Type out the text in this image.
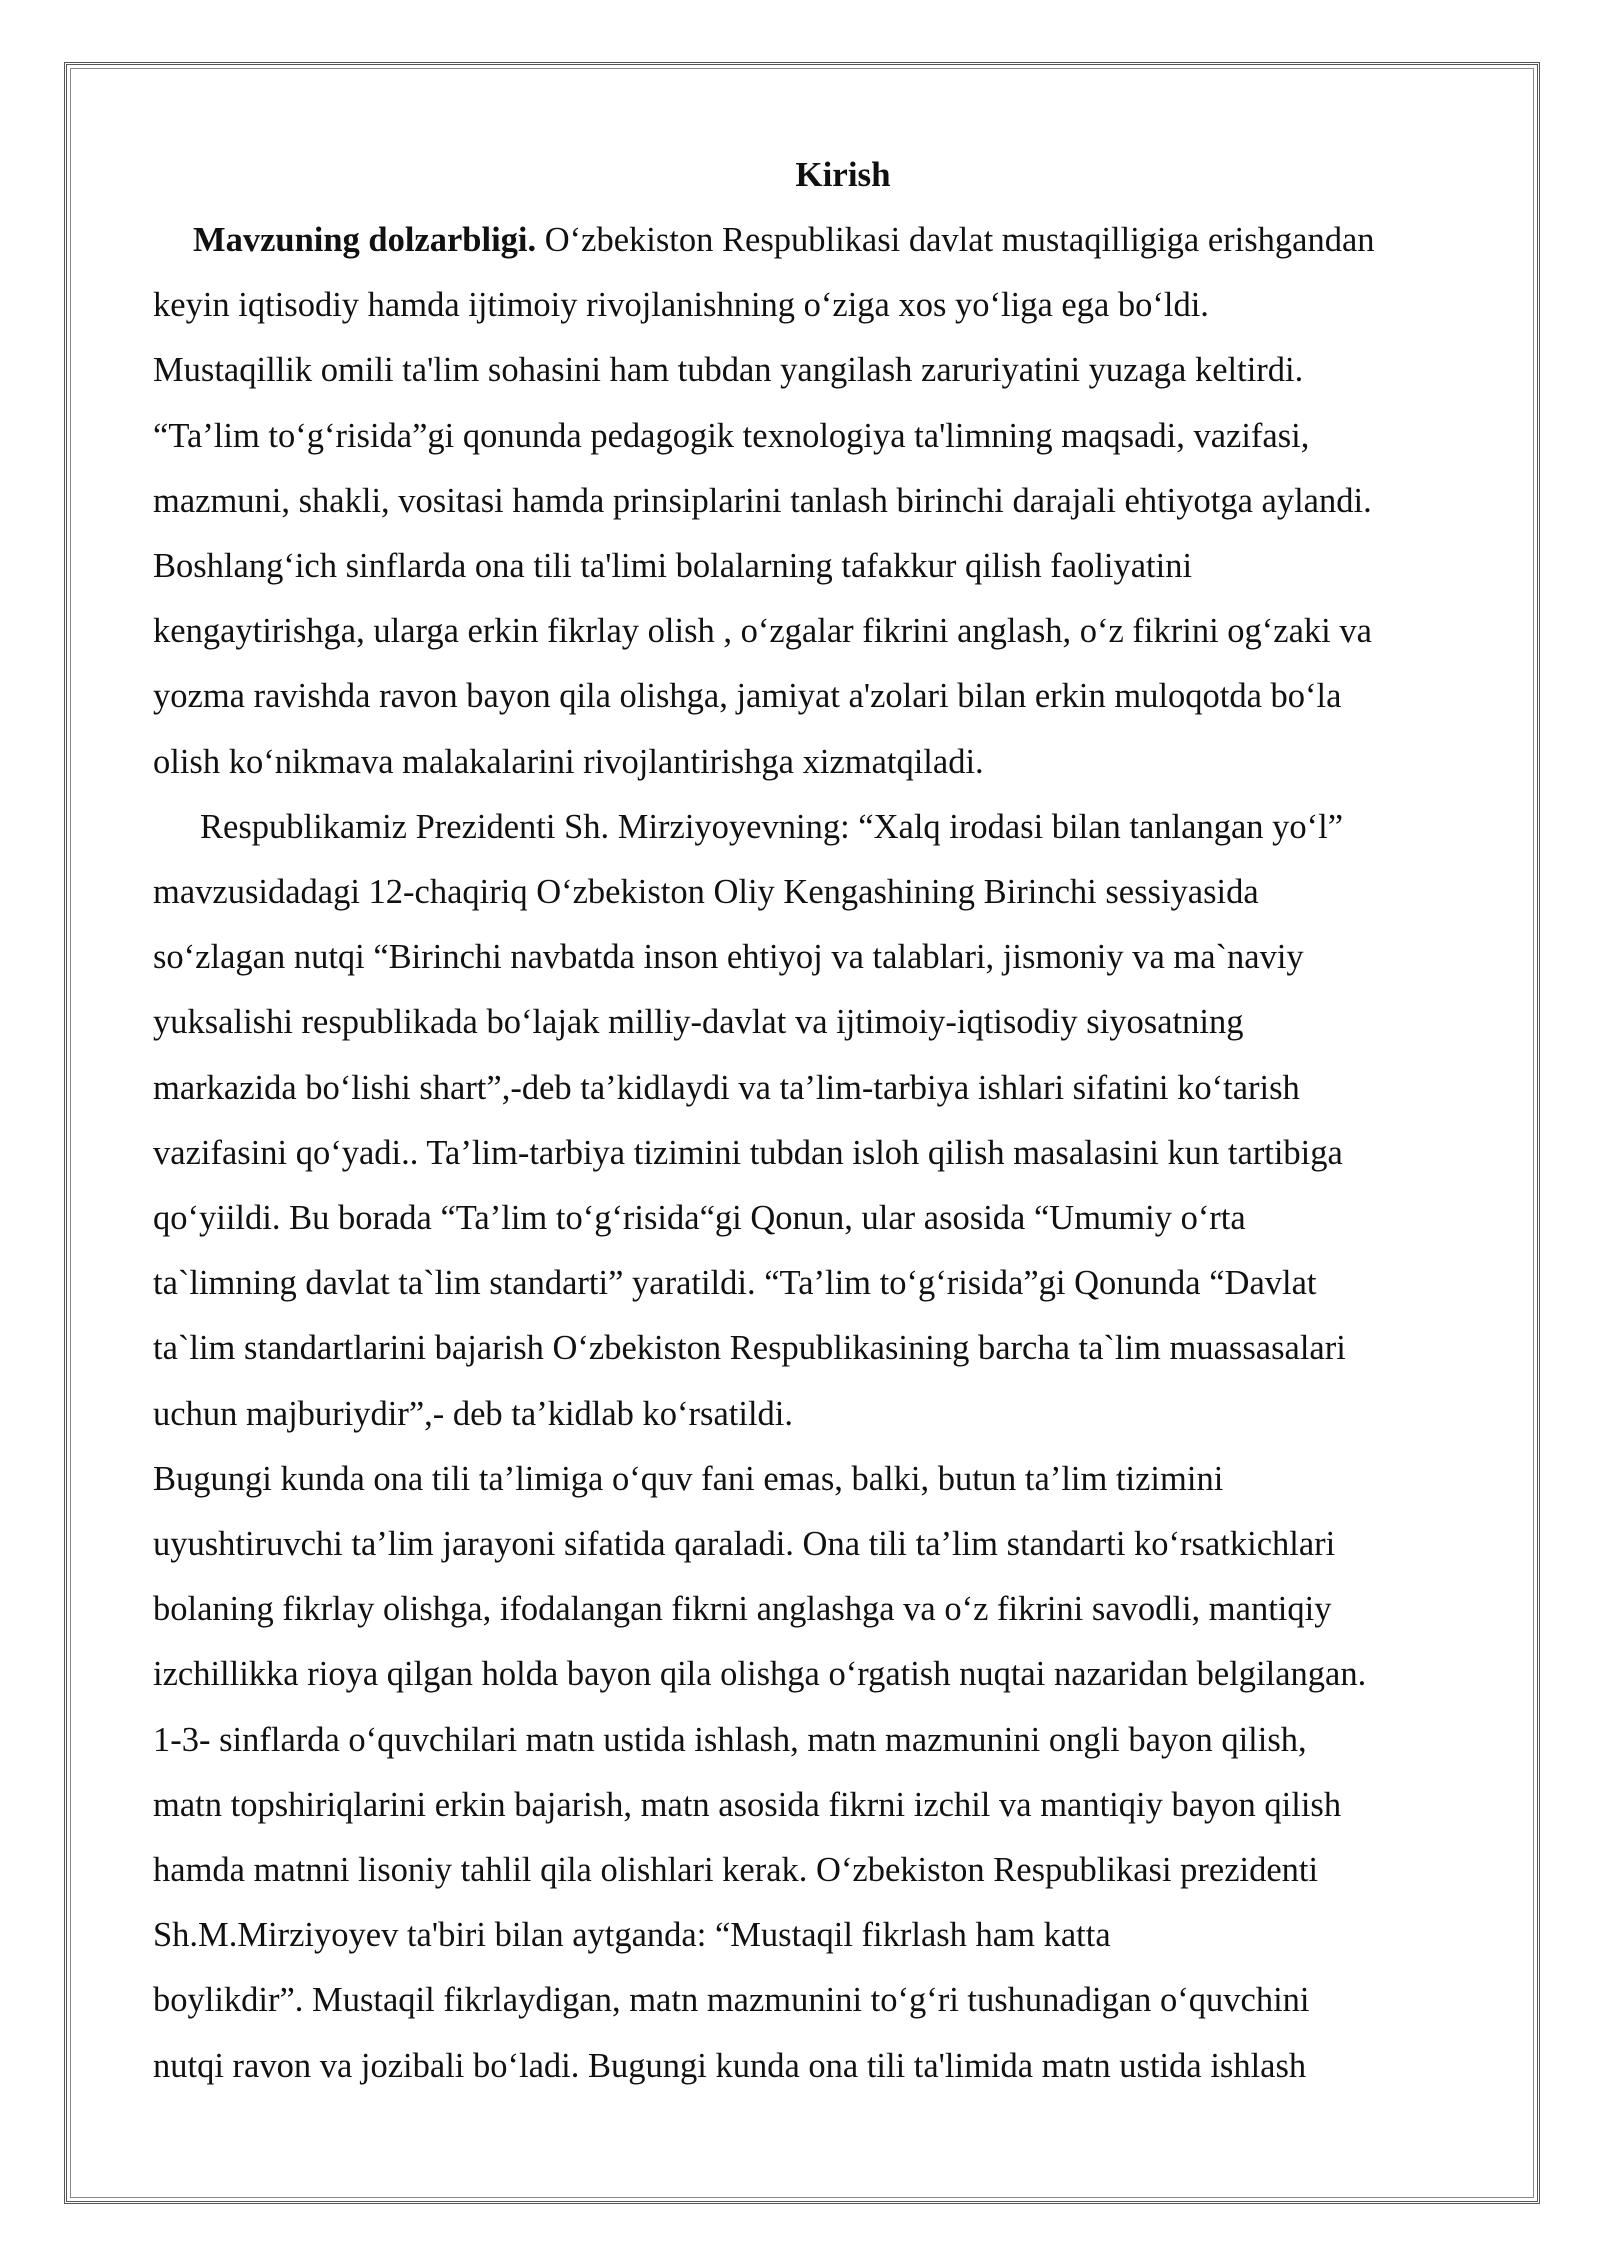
Kirish

Mavzuning dolzarbligi. O‘zbekiston Respublikasi davlat mustaqilligiga erishgandan

keyin iqtisodiy hamda ijtimoiy rivojlanishning o‘ziga xos yo‘liga ega bo‘ldi.

Mustaqillik omili ta'lim sohasini ham tubdan yangilash zaruriyatini yuzaga keltirdi.

“Ta’lim to‘g‘risida”gi qonunda pedagogik texnologiya ta'limning maqsadi, vazifasi,

mazmuni, shakli, vositasi hamda prinsiplarini tanlash birinchi darajali ehtiyotga aylandi.

Boshlang‘ich sinflarda ona tili ta'limi bolalarning tafakkur qilish faoliyatini

kengaytirishga, ularga erkin fikrlay olish , o‘zgalar fikrini anglash, o‘z fikrini og‘zaki va

yozma ravishda ravon bayon qila olishga, jamiyat a'zolari bilan erkin muloqotda bo‘la

olish ko‘nikmava malakalarini rivojlantirishga xizmatqiladi.

Respublikamiz Prezidenti Sh. Mirziyoyevning: “Xalq irodasi bilan tanlangan yo‘l”

mavzusidadagi 12-chaqiriq O‘zbekiston Oliy Kengashining Birinchi sessiyasida

so‘zlagan nutqi “Birinchi navbatda inson ehtiyoj va talablari, jismoniy va ma`naviy

yuksalishi respublikada bo‘lajak milliy-davlat va ijtimoiy-iqtisodiy siyosatning

markazida bo‘lishi shart”,-deb ta’kidlaydi va ta’lim-tarbiya ishlari sifatini ko‘tarish

vazifasini qo‘yadi.. Ta’lim-tarbiya tizimini tubdan isloh qilish masalasini kun tartibiga

qo‘yiildi. Bu borada “Ta’lim to‘g‘risida“gi Qonun, ular asosida “Umumiy o‘rta

ta`limning davlat ta`lim standarti” yaratildi. “Ta’lim to‘g‘risida”gi Qonunda “Davlat

ta`lim standartlarini bajarish O‘zbekiston Respublikasining barcha ta`lim muassasalari

uchun majburiydir”,- deb ta’kidlab ko‘rsatildi.

Bugungi kunda ona tili ta’limiga o‘quv fani emas, balki, butun ta’lim tizimini

uyushtiruvchi ta’lim jarayoni sifatida qaraladi. Ona tili ta’lim standarti ko‘rsatkichlari

bolaning fikrlay olishga, ifodalangan fikrni anglashga va o‘z fikrini savodli, mantiqiy

izchillikka rioya qilgan holda bayon qila olishga o‘rgatish nuqtai nazaridan belgilangan.

1-3- sinflarda o‘quvchilari matn ustida ishlash, matn mazmunini ongli bayon qilish,

matn topshiriqlarini erkin bajarish, matn asosida fikrni izchil va mantiqiy bayon qilish

hamda matnni lisoniy tahlil qila olishlari kerak. O‘zbekiston Respublikasi prezidenti

Sh.M.Mirziyoyev ta'biri bilan aytganda: “Mustaqil fikrlash ham katta

boylikdir”. Mustaqil fikrlaydigan, matn mazmunini to‘g‘ri tushunadigan o‘quvchini

nutqi ravon va jozibali bo‘ladi. Bugungi kunda ona tili ta'limida matn ustida ishlash
